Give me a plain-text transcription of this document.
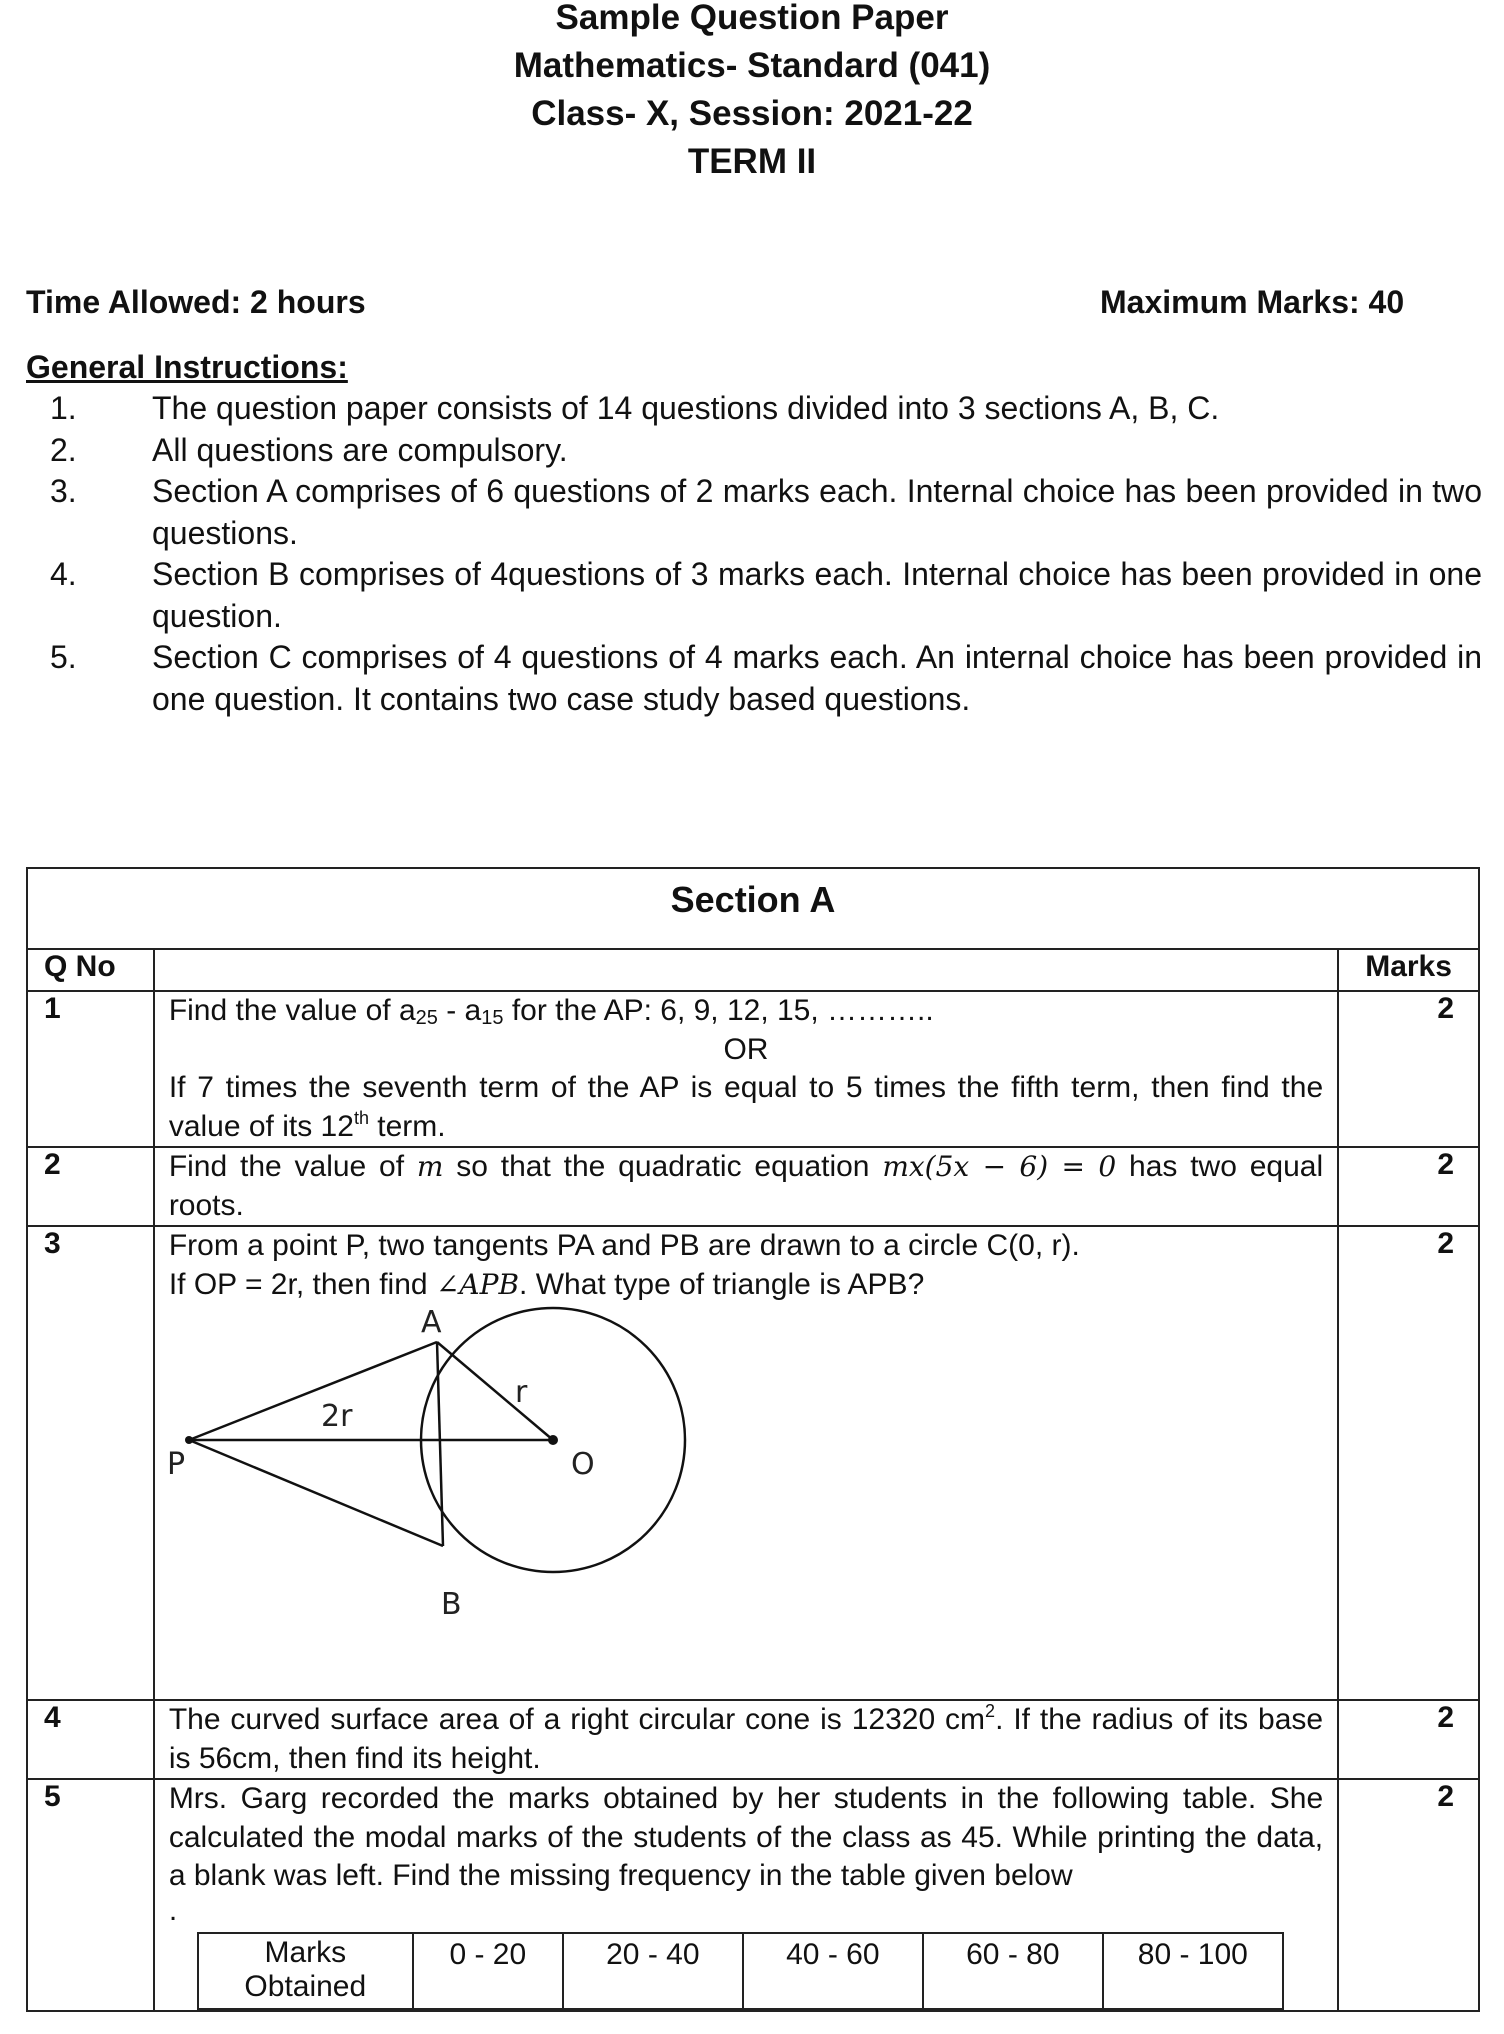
Sample Question Paper
Mathematics- Standard (041)
Class- X, Session: 2021-22
TERM II
Time Allowed: 2 hours	Maximum Marks: 40
General Instructions:
1.	The question paper consists of 14 questions divided into 3 sections A, B, C.
2.	All questions are compulsory.
3.	Section A comprises of 6 questions of 2 marks each. Internal choice has been provided in two questions.
4.	Section B comprises of 4questions of 3 marks each. Internal choice has been provided in one question.
5.	Section C comprises of 4 questions of 4 marks each. An internal choice has been provided in one question. It contains two case study based questions.
Section A
Q No		Marks
1	Find the value of $a_{25} - a_{15}$ for the AP: 6, 9, 12, 15, ………..
OR
If 7 times the seventh term of the AP is equal to 5 times the fifth term, then find the value of its 12th term.
	2
2	Find the value of m so that the quadratic equation mx(5x − 6) = 0 has two equal roots.	2
3	From a point P, two tangents PA and PB are drawn to a circle C(0, r).
If OP = 2r, then find ∠APB. What type of triangle is APB?
A
B
P	O
r
2r
	2
4	The curved surface area of a right circular cone is 12320 $cm^2$. If the radius of its base is 56cm, then find its height.	2
5	Mrs. Garg recorded the marks obtained by her students in the following table. She calculated the modal marks of the students of the class as 45. While printing the data, a blank was left. Find the missing frequency in the table given below
.
Marks Obtained	0 - 20	20 - 40	40 - 60	60 - 80	80 - 100
	2
